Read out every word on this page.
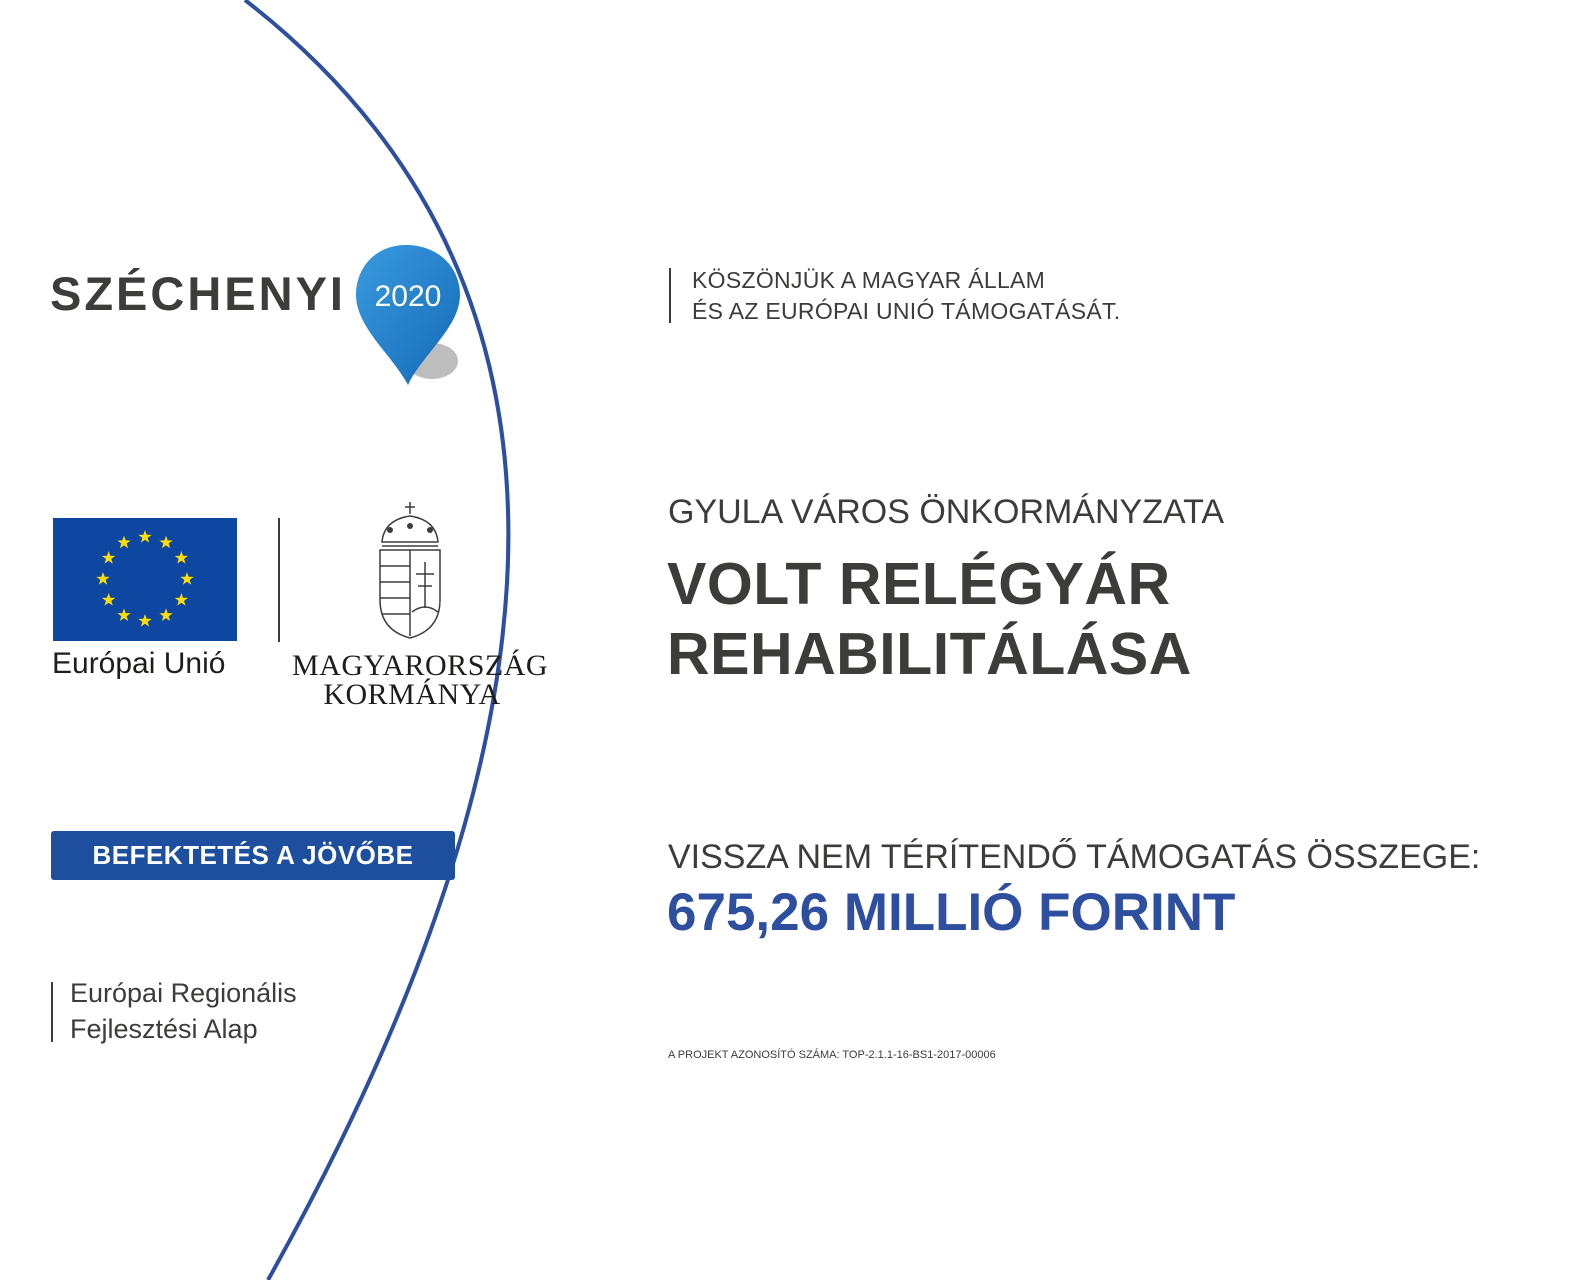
SZÉCHENYI 2020
Európai Unió MAGYARORSZÁG
KORMÁNYA
BEFEKTETÉS A JÖVŐBE
Európai Regionális
Fejlesztési Alap
KÖSZÖNJÜK A MAGYAR ÁLLAM
ÉS AZ EURÓPAI UNIÓ TÁMOGATÁSÁT.
GYULA VÁROS ÖNKORMÁNYZATA
VOLT RELÉGYÁR
REHABILITÁLÁSA
VISSZA NEM TÉRÍTENDŐ TÁMOGATÁS ÖSSZEGE:
675,26 MILLIÓ FORINT
A PROJEKT AZONOSÍTÓ SZÁMA: TOP-2.1.1-16-BS1-2017-00006
